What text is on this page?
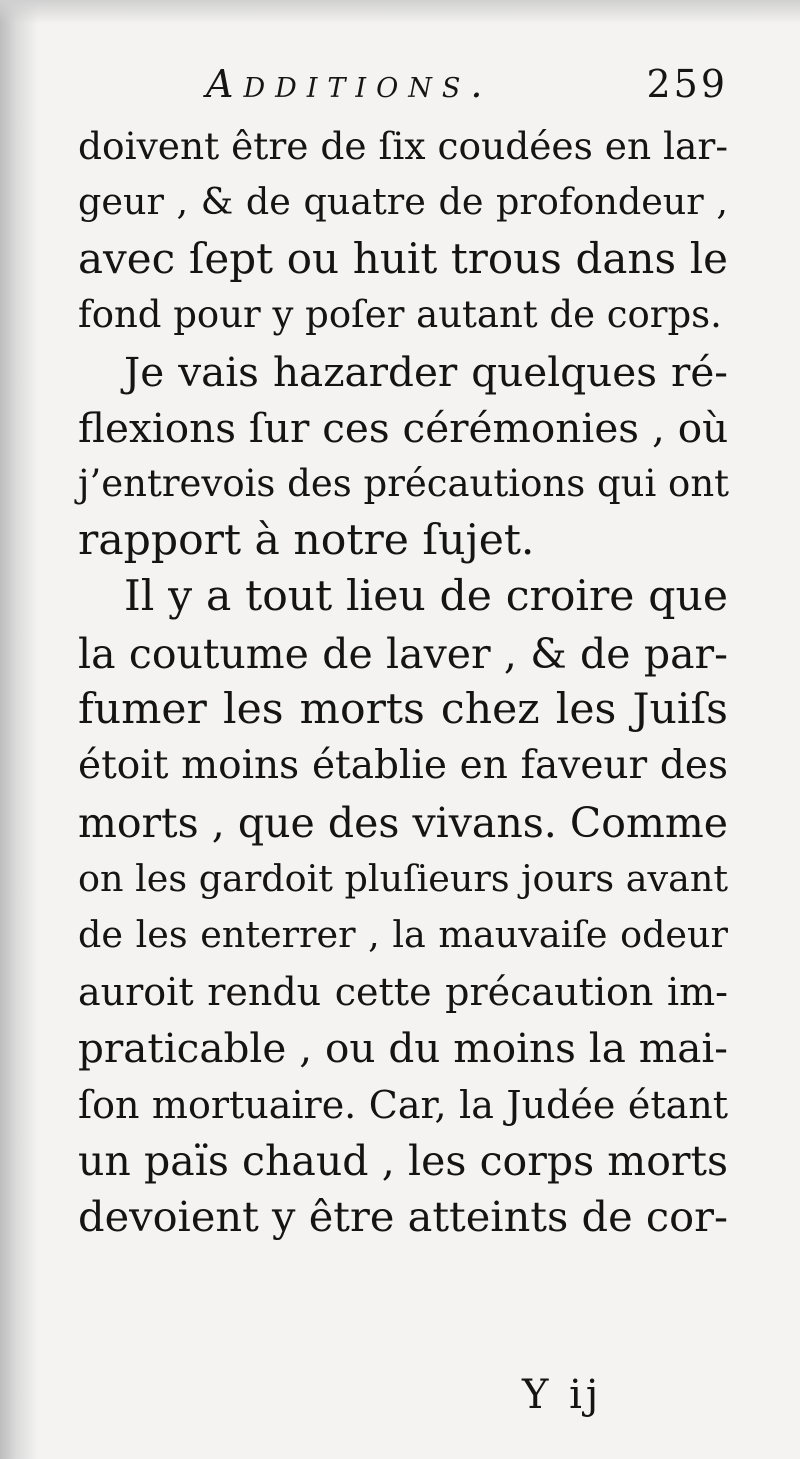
Additions.	259
doivent être de ſix coudées en lar-
geur , & de quatre de profondeur ,
avec ſept ou huit trous dans le
fond pour y poſer autant de corps.
Je vais hazarder quelques ré-
flexions ſur ces cérémonies , où
j’entrevois des précautions qui ont
rapport à notre ſujet.
Il y a tout lieu de croire que
la coutume de laver , & de par-
fumer les morts chez les Juiſs
étoit moins établie en faveur des
morts , que des vivans. Comme
on les gardoit pluſieurs jours avant
de les enterrer , la mauvaiſe odeur
auroit rendu cette précaution im-
praticable , ou du moins la mai-
ſon mortuaire. Car, la Judée étant
un païs chaud , les corps morts
devoient y être atteints de cor-
Y ij
